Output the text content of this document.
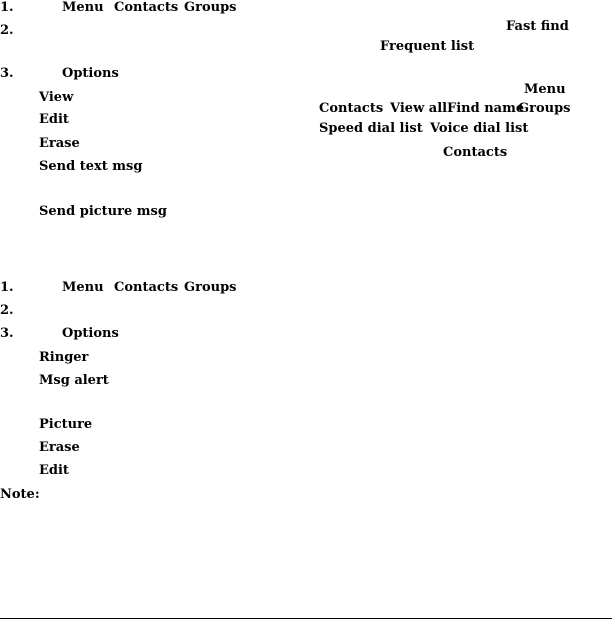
1.	Menu Contacts Groups
2.
3.	Options
View
Edit
Erase
Send text msg
Send picture msg
Fast find
Frequent list
Menu
Contacts View all Find name
Groups
Speed dial list Voice dial list
Contacts
1.	Menu Contacts Groups
2.
3.	Options
Ringer
Msg alert
Picture
Erase
Edit
Note:
